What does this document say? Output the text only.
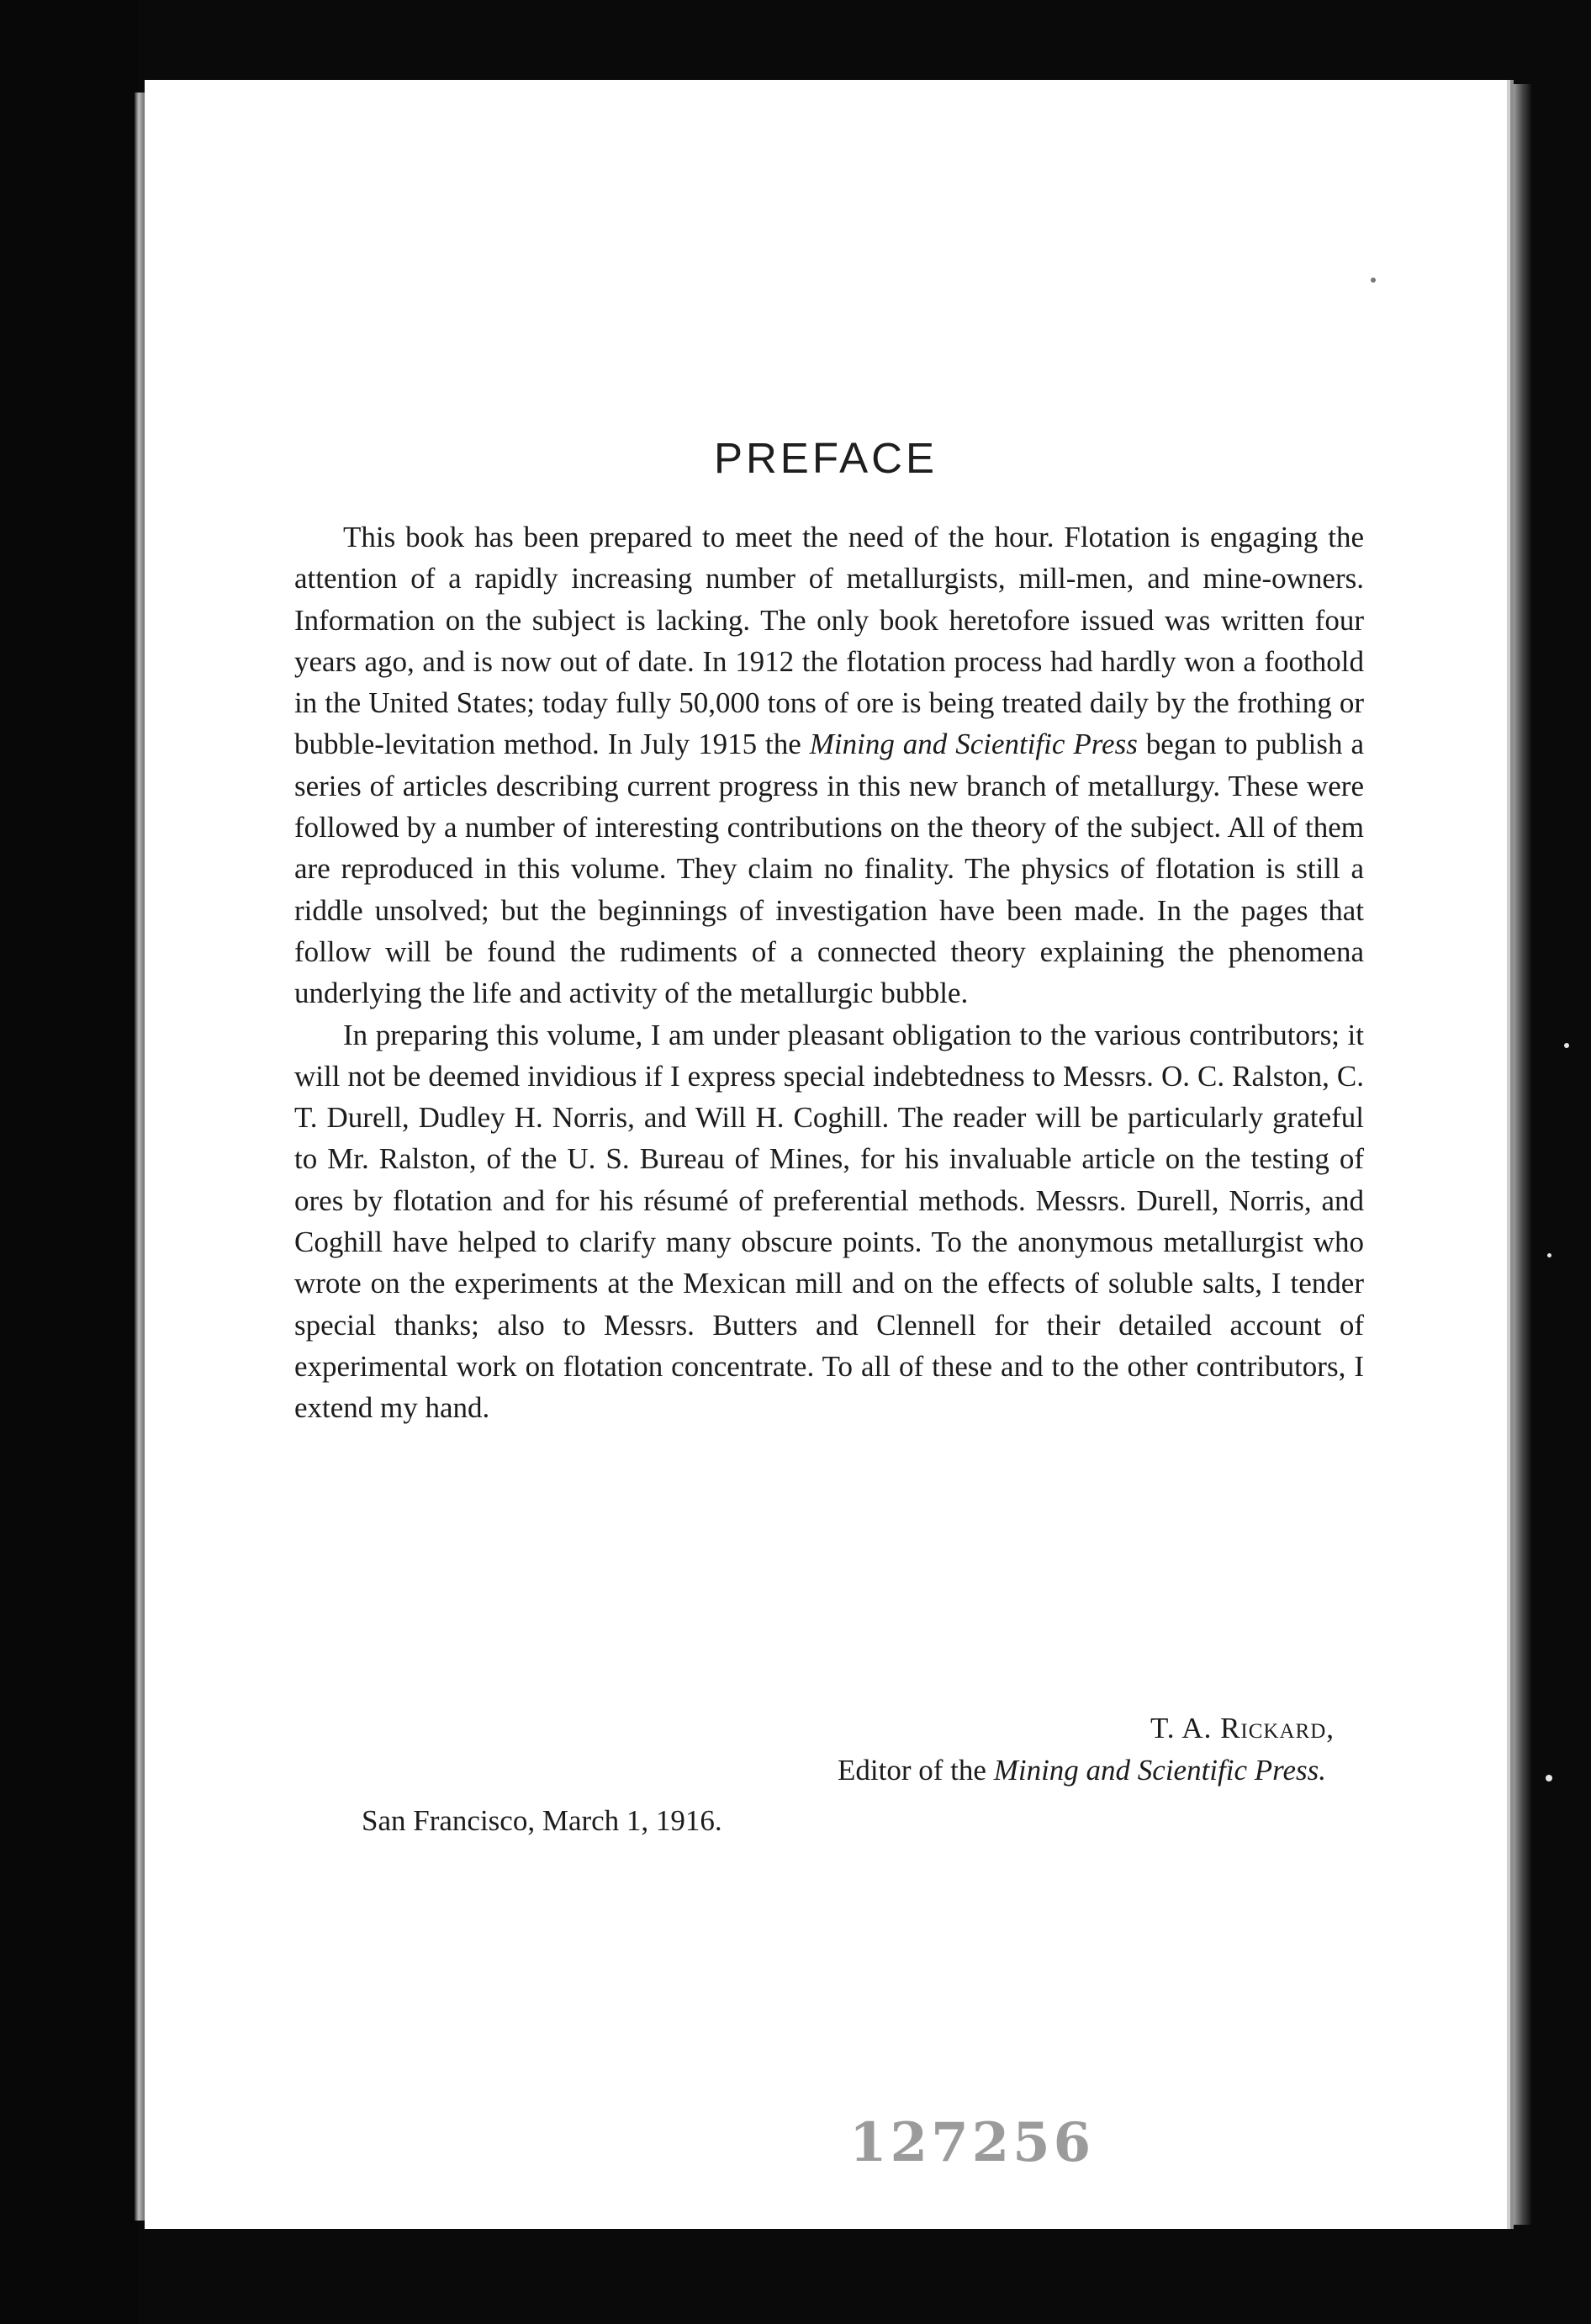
PREFACE

This book has been prepared to meet the need of the hour. Flotation is engaging the attention of a rapidly increasing number of metallurgists, mill-men, and mine-owners. Information on the subject is lacking. The only book heretofore issued was written four years ago, and is now out of date. In 1912 the flotation process had hardly won a foothold in the United States; today fully 50,000 tons of ore is being treated daily by the frothing or bubble-levitation method. In July 1915 the Mining and Scientific Press began to publish a series of articles describing current progress in this new branch of metallurgy. These were followed by a number of interesting contributions on the theory of the subject. All of them are reproduced in this volume. They claim no finality. The physics of flotation is still a riddle unsolved; but the beginnings of investigation have been made. In the pages that follow will be found the rudiments of a connected theory explaining the phenomena underlying the life and activity of the metallurgic bubble.

In preparing this volume, I am under pleasant obligation to the various contributors; it will not be deemed invidious if I express special indebtedness to Messrs. O. C. Ralston, C. T. Durell, Dudley H. Norris, and Will H. Coghill. The reader will be particularly grateful to Mr. Ralston, of the U. S. Bureau of Mines, for his invaluable article on the testing of ores by flotation and for his résumé of preferential methods. Messrs. Durell, Norris, and Coghill have helped to clarify many obscure points. To the anonymous metallurgist who wrote on the experiments at the Mexican mill and on the effects of soluble salts, I tender special thanks; also to Messrs. Butters and Clennell for their detailed account of experimental work on flotation concentrate. To all of these and to the other contributors, I extend my hand.

T. A. Rickard,
Editor of the Mining and Scientific Press.
San Francisco, March 1, 1916.
127256
